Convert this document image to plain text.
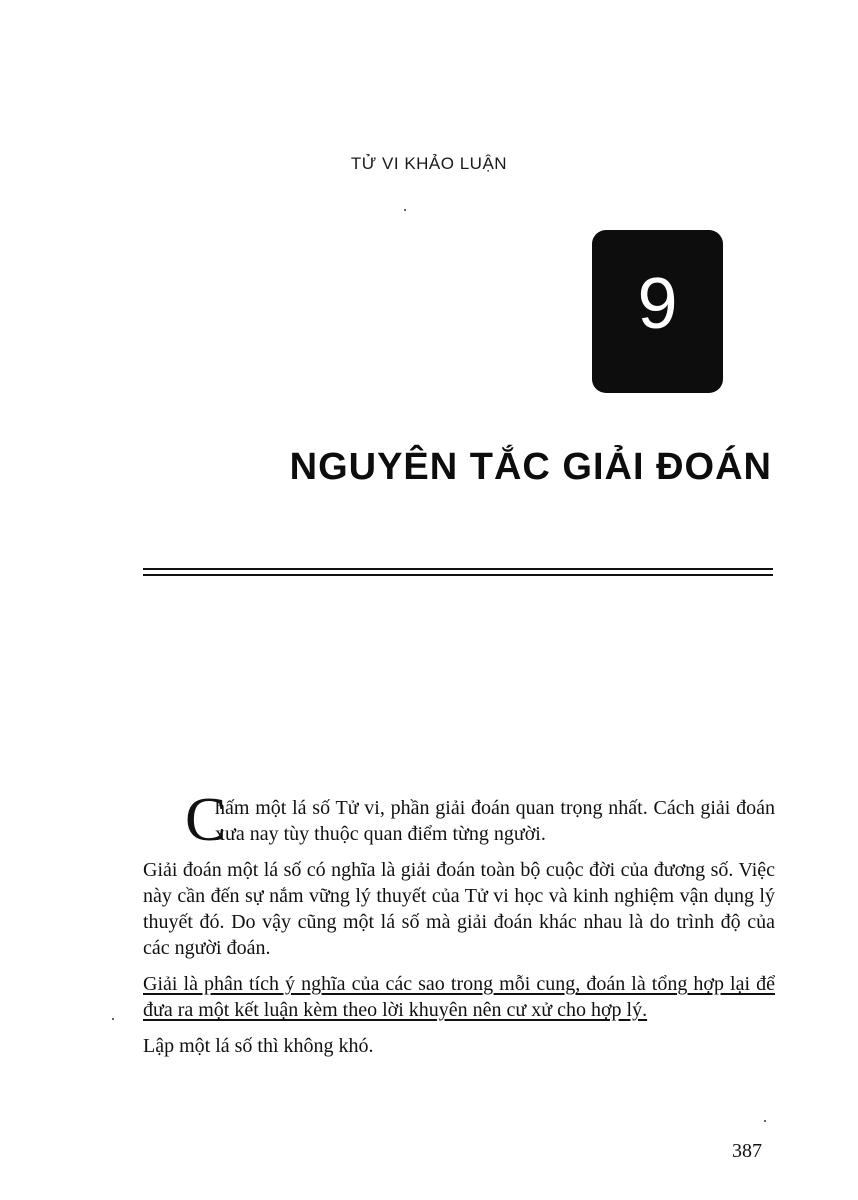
TỬ VI KHẢO LUẬN
9
NGUYÊN TẮC GIẢI ĐOÁN

C
hấm một lá số Tử vi, phần giải đoán quan trọng nhất. Cách giải đoán xưa nay tùy thuộc quan điểm từng người.

Giải đoán một lá số có nghĩa là giải đoán toàn bộ cuộc đời của đương số. Việc này cần đến sự nắm vững lý thuyết của Tử vi học và kinh nghiệm vận dụng lý thuyết đó. Do vậy cũng một lá số mà giải đoán khác nhau là do trình độ của các người đoán.

Giải là phân tích ý nghĩa của các sao trong mỗi cung, đoán là tổng hợp lại để đưa ra một kết luận kèm theo lời khuyên nên cư xử cho hợp lý.

Lập một lá số thì không khó.

387
